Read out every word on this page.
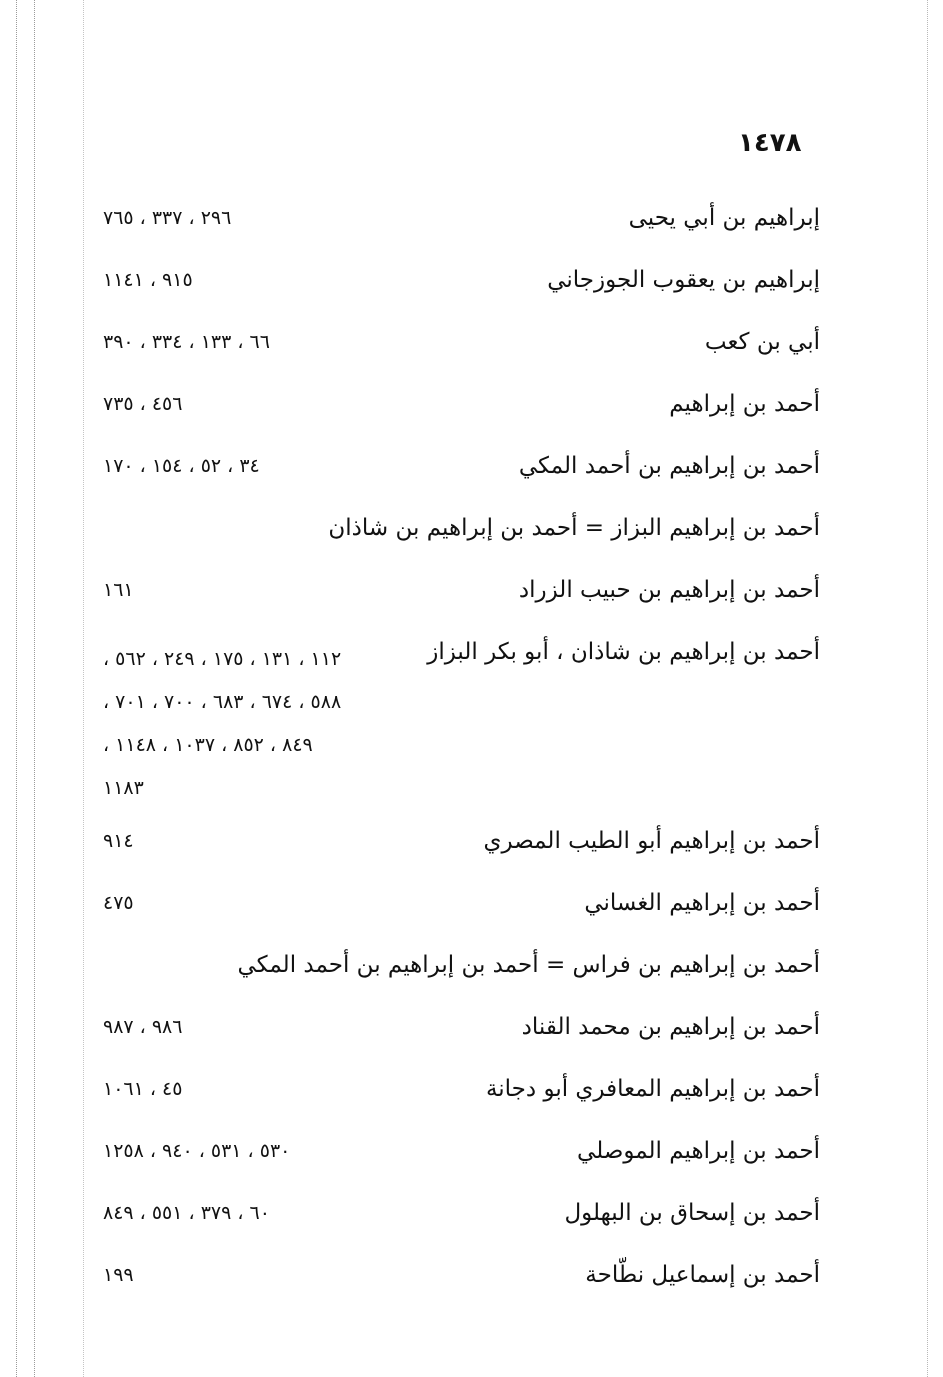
١٤٧٨
إبراهيم بن أبي يحيى
٢٩٦ ، ٣٣٧ ، ٧٦٥
إبراهيم بن يعقوب الجوزجاني
٩١٥ ، ١١٤١
أبي بن كعب
٦٦ ، ١٣٣ ، ٣٣٤ ، ٣٩٠
أحمد بن إبراهيم
٤٥٦ ، ٧٣٥
أحمد بن إبراهيم بن أحمد المكي
٣٤ ، ٥٢ ، ١٥٤ ، ١٧٠
أحمد بن إبراهيم البزاز = أحمد بن إبراهيم بن شاذان
أحمد بن إبراهيم بن حبيب الزراد
١٦١
أحمد بن إبراهيم بن شاذان ، أبو بكر البزاز
١١٢ ، ١٣١ ، ١٧٥ ، ٢٤٩ ، ٥٦٢ ،
٥٨٨ ، ٦٧٤ ، ٦٨٣ ، ٧٠٠ ، ٧٠١ ،
٨٤٩ ، ٨٥٢ ، ١٠٣٧ ، ١١٤٨ ،
١١٨٣
أحمد بن إبراهيم أبو الطيب المصري
٩١٤
أحمد بن إبراهيم الغساني
٤٧٥
أحمد بن إبراهيم بن فراس = أحمد بن إبراهيم بن أحمد المكي
أحمد بن إبراهيم بن محمد القناد
٩٨٦ ، ٩٨٧
أحمد بن إبراهيم المعافري أبو دجانة
٤٥ ، ١٠٦١
أحمد بن إبراهيم الموصلي
٥٣٠ ، ٥٣١ ، ٩٤٠ ، ١٢٥٨
أحمد بن إسحاق بن البهلول
٦٠ ، ٣٧٩ ، ٥٥١ ، ٨٤٩
أحمد بن إسماعيل نطّاحة
١٩٩
